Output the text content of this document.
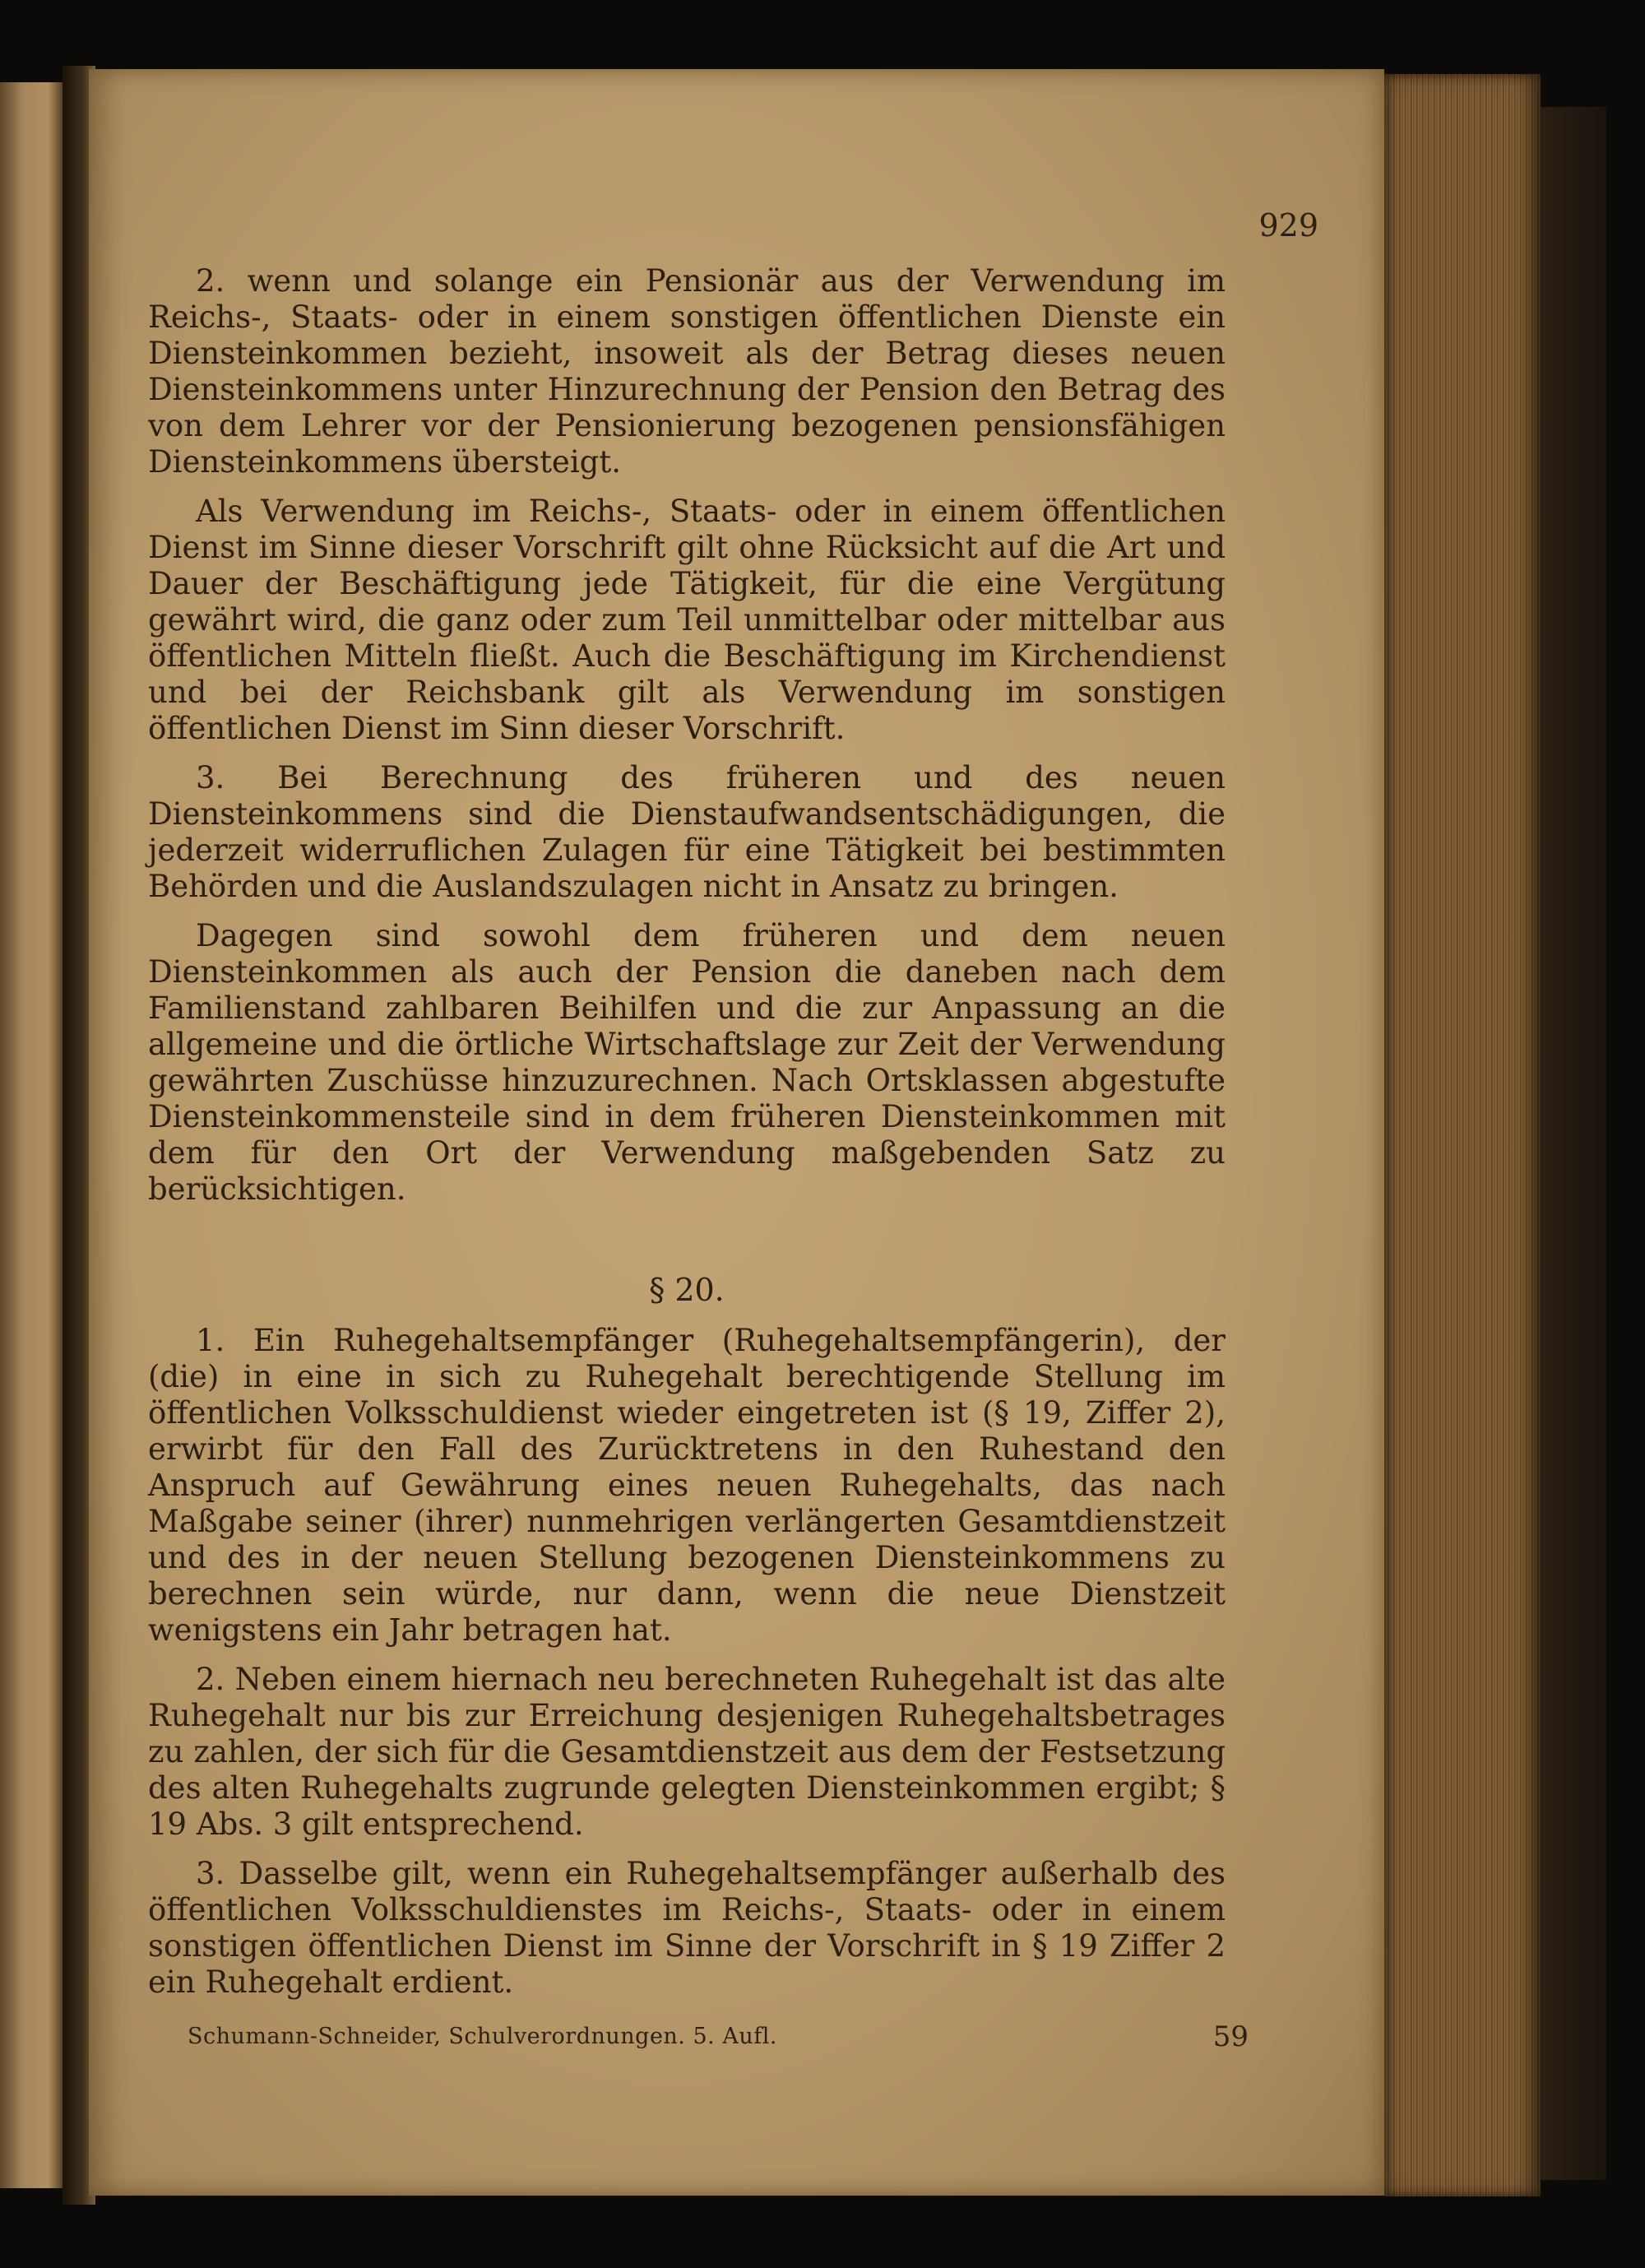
929

2. wenn und solange ein Pensionär aus der Verwendung im Reichs-, Staats- oder in einem sonstigen öffentlichen Dienste ein Diensteinkommen bezieht, insoweit als der Betrag dieses neuen Diensteinkommens unter Hinzurechnung der Pension den Betrag des von dem Lehrer vor der Pensionierung bezogenen pensionsfähigen Diensteinkommens übersteigt.

Als Verwendung im Reichs-, Staats- oder in einem öffentlichen Dienst im Sinne dieser Vorschrift gilt ohne Rücksicht auf die Art und Dauer der Beschäftigung jede Tätigkeit, für die eine Vergütung gewährt wird, die ganz oder zum Teil unmittelbar oder mittelbar aus öffentlichen Mitteln fließt. Auch die Beschäftigung im Kirchendienst und bei der Reichsbank gilt als Verwendung im sonstigen öffentlichen Dienst im Sinn dieser Vorschrift.

3. Bei Berechnung des früheren und des neuen Diensteinkommens sind die Dienstaufwandsentschädigungen, die jederzeit widerruflichen Zulagen für eine Tätigkeit bei bestimmten Behörden und die Auslandszulagen nicht in Ansatz zu bringen.

Dagegen sind sowohl dem früheren und dem neuen Diensteinkommen als auch der Pension die daneben nach dem Familienstand zahlbaren Beihilfen und die zur Anpassung an die allgemeine und die örtliche Wirtschaftslage zur Zeit der Verwendung gewährten Zuschüsse hinzuzurechnen. Nach Ortsklassen abgestufte Diensteinkommensteile sind in dem früheren Diensteinkommen mit dem für den Ort der Verwendung maßgebenden Satz zu berücksichtigen.

§ 20.

1. Ein Ruhegehaltsempfänger (Ruhegehaltsempfängerin), der (die) in eine in sich zu Ruhegehalt berechtigende Stellung im öffentlichen Volksschuldienst wieder eingetreten ist (§ 19, Ziffer 2), erwirbt für den Fall des Zurücktretens in den Ruhestand den Anspruch auf Gewährung eines neuen Ruhegehalts, das nach Maßgabe seiner (ihrer) nunmehrigen verlängerten Gesamtdienstzeit und des in der neuen Stellung bezogenen Diensteinkommens zu berechnen sein würde, nur dann, wenn die neue Dienstzeit wenigstens ein Jahr betragen hat.

2. Neben einem hiernach neu berechneten Ruhegehalt ist das alte Ruhegehalt nur bis zur Erreichung desjenigen Ruhegehaltsbetrages zu zahlen, der sich für die Gesamtdienstzeit aus dem der Festsetzung des alten Ruhegehalts zugrunde gelegten Diensteinkommen ergibt; § 19 Abs. 3 gilt entsprechend.

3. Dasselbe gilt, wenn ein Ruhegehaltsempfänger außerhalb des öffentlichen Volksschuldienstes im Reichs-, Staats- oder in einem sonstigen öffentlichen Dienst im Sinne der Vorschrift in § 19 Ziffer 2 ein Ruhegehalt erdient.

Schumann-Schneider, Schulverordnungen. 5. Aufl.	59
